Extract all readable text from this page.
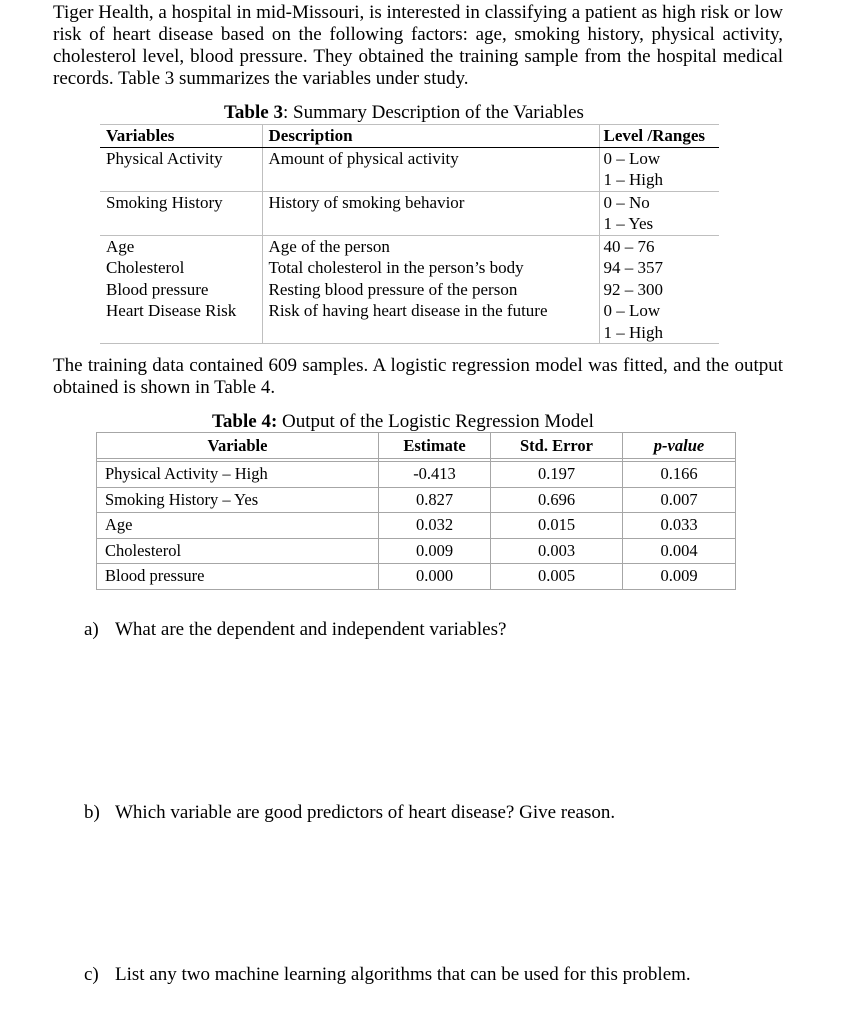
Tiger Health, a hospital in mid-Missouri, is interested in classifying a patient as high risk or low risk of heart disease based on the following factors: age, smoking history, physical activity, cholesterol level, blood pressure. They obtained the training sample from the hospital medical records. Table 3 summarizes the variables under study.

Table 3: Summary Description of the Variables
Variables	Description	Level /Ranges
Physical Activity	Amount of physical activity	0 – Low
1 – High

Smoking History	History of smoking behavior	0 – No
1 – Yes

Age	Age of the person	40 – 76
Cholesterol	Total cholesterol in the person’s body	94 – 357
Blood pressure	Resting blood pressure of the person	92 – 300
Heart Disease Risk	Risk of having heart disease in the future	0 – Low
1 – High

The training data contained 609 samples. A logistic regression model was fitted, and the output obtained is shown in Table 4.

Table 4: Output of the Logistic Regression Model
Variable	Estimate	Std. Error	p-value

Physical Activity – High	-0.413	0.197	0.166
Smoking History – Yes	0.827	0.696	0.007
Age	0.032	0.015	0.033
Cholesterol	0.009	0.003	0.004
Blood pressure	0.000	0.005	0.009
a) What are the dependent and independent variables?
b) Which variable are good predictors of heart disease? Give reason.
c) List any two machine learning algorithms that can be used for this problem.
